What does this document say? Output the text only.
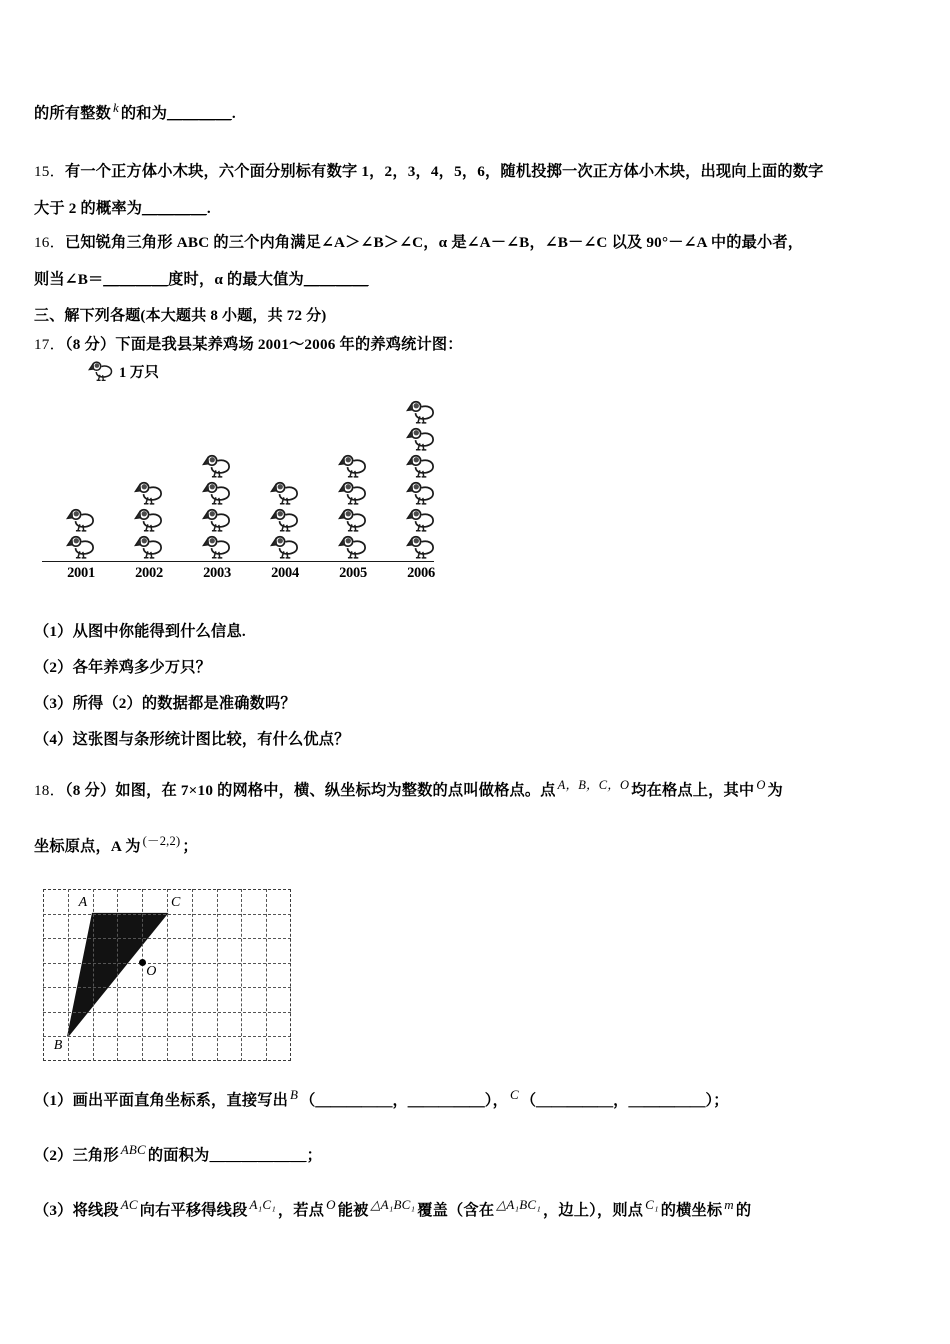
的所有整数 k 的和为＿＿＿＿.
15．有一个正方体小木块，六个面分别标有数字 1，2，3，4，5，6，随机投掷一次正方体小木块，出现向上面的数字
大于 2 的概率为＿＿＿＿.
16．已知锐角三角形 ABC 的三个内角满足∠A＞∠B＞∠C，α 是∠A－∠B，∠B－∠C 以及 90°－∠A 中的最小者，
则当∠B＝＿＿＿＿度时，α 的最大值为＿＿＿＿
三、解下列各题(本大题共 8 小题，共 72 分)
17．（8 分）下面是我县某养鸡场 2001～2006 年的养鸡统计图：
1 万只
2001	2002	2003	2004	2005	2006
（1）从图中你能得到什么信息.
（2）各年养鸡多少万只？
（3）所得（2）的数据都是准确数吗？
（4）这张图与条形统计图比较，有什么优点？
18．（8 分）如图，在 7×10 的网格中，横、纵坐标均为整数的点叫做格点。点 $^{A,B,C,O}$ 均在格点上，其中 $^O$ 为
坐标原点，A 为 $^{(-2,2)}$ ；
A	C
B
O
（1）画出平面直角坐标系，直接写出 B （＿＿＿＿＿，＿＿＿＿＿）， C （＿＿＿＿＿，＿＿＿＿＿）；
（2）三角形 ABC 的面积为＿＿＿＿＿＿；
（3）将线段 AC 向右平移得线段 A₁C₁ ，若点 O 能被 △A₁BC₁ 覆盖（含在 △A₁BC₁ ，边上），则点 C₁ 的横坐标 m 的
